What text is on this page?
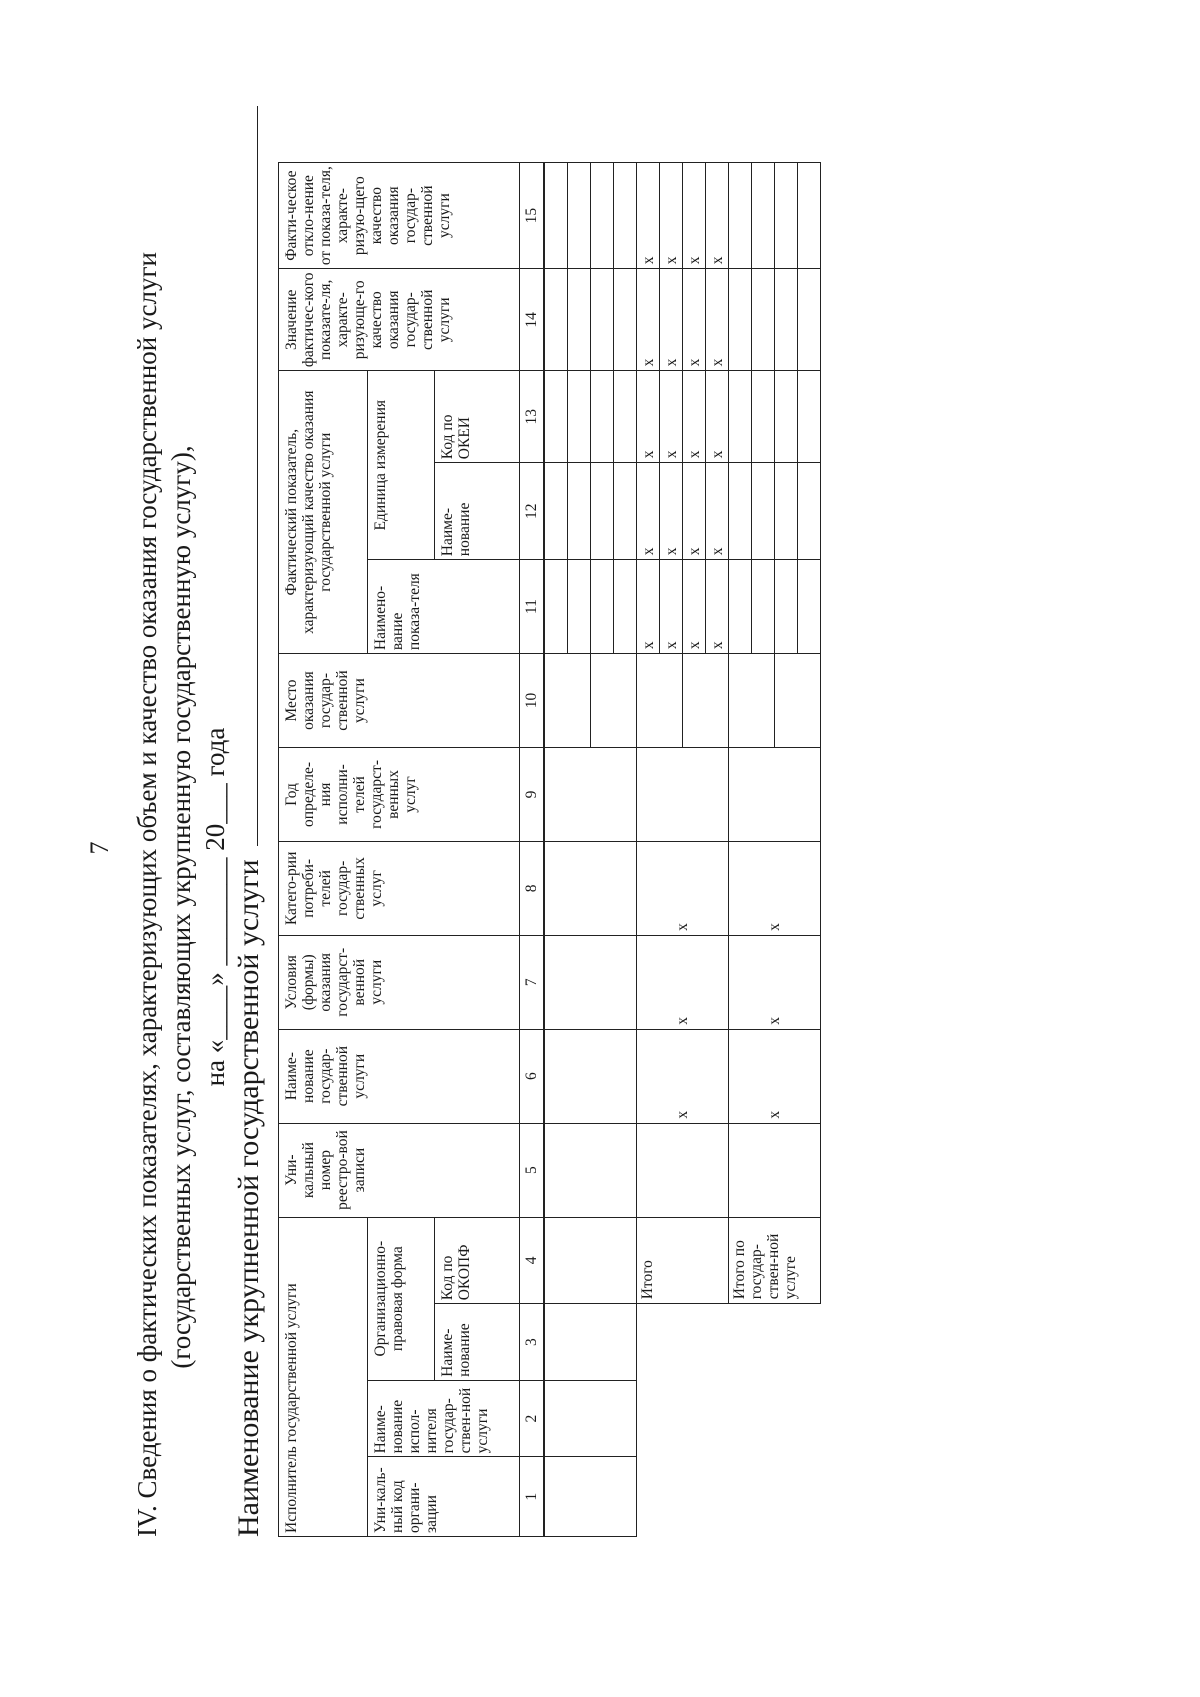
7 IV. Сведения о фактических показателях, характеризующих объем и качество оказания государственной услуги (государственных услуг, составляющих укрупненную государственную услугу), на «____» ________ 20___ года Наименование укрупненной государственной услуги Исполнитель государственной услуги				Уни-кальный номер реестро-вой записи	Наиме-нование государ-ственной услуги	Условия (формы) оказания государст-венной услуги	Катего-рии потреби-телей государ-ственных услуг	Год определе-ния исполни-телей государст-венных услуг	Место оказания государ-ственной услуги	Фактический показатель, характеризующий качество оказания государственной услуги			Значение фактичес-кого показате-ля, характе-ризующе-го качество оказания государ-ственной услуги	Факти-ческое откло-нение от показа-теля, характе-ризую-щего качество оказания государ-ственной услуги
Уни-каль-ный код органи-зации	Наиме-нование испол-нителя государ-ствен-ной услуги	Организационно-правовая форма								Наимено-вание показа-теля	Единица измерения			
		Наиме-нование	Код по ОКОПФ								Наиме-нование	Код по ОКЕИ		
1	2	3	4	5	6	7	8	9	10	11	12	13	14	15

			Итого		x	x	x			x	x	x	x	x
										x	x	x	x	x
										x	x	x	x	x
										x	x	x	x	x
			Итого по государ-ствен-ной услуге		x	x	x							
